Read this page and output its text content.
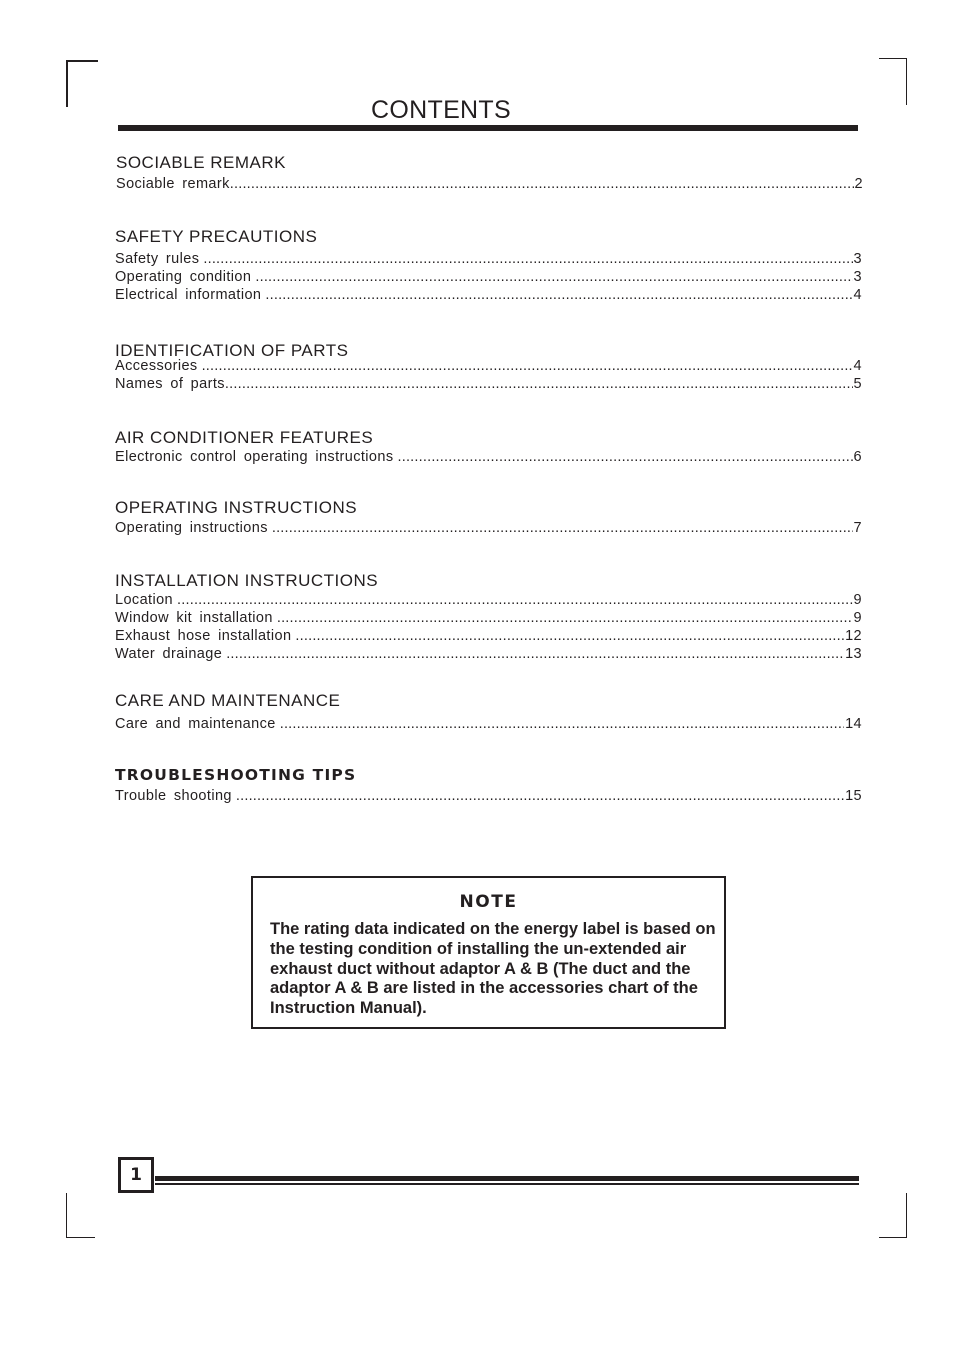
CONTENTS
SOCIABLE REMARK
Sociable remark .....	2
SAFETY PRECAUTIONS
Safety rules .....	3
Operating condition .....	3
Electrical information .....	4
IDENTIFICATION OF PARTS
Accessories .....	4
Names of parts .....	5
AIR CONDITIONER FEATURES
Electronic control operating instructions .....	6
OPERATING INSTRUCTIONS
Operating instructions .....	7
INSTALLATION INSTRUCTIONS
Location .....	9
Window kit installation .....	9
Exhaust hose installation .....	12
Water drainage .....	13
CARE AND MAINTENANCE
Care and maintenance .....	14
TROUBLESHOOTING TIPS
Trouble shooting .....	15
NOTE
The rating data indicated on the energy label is based on the testing condition of installing the un-extended air exhaust duct without adaptor A & B (The duct and the adaptor A & B are listed in the accessories chart of the Instruction Manual).
1
